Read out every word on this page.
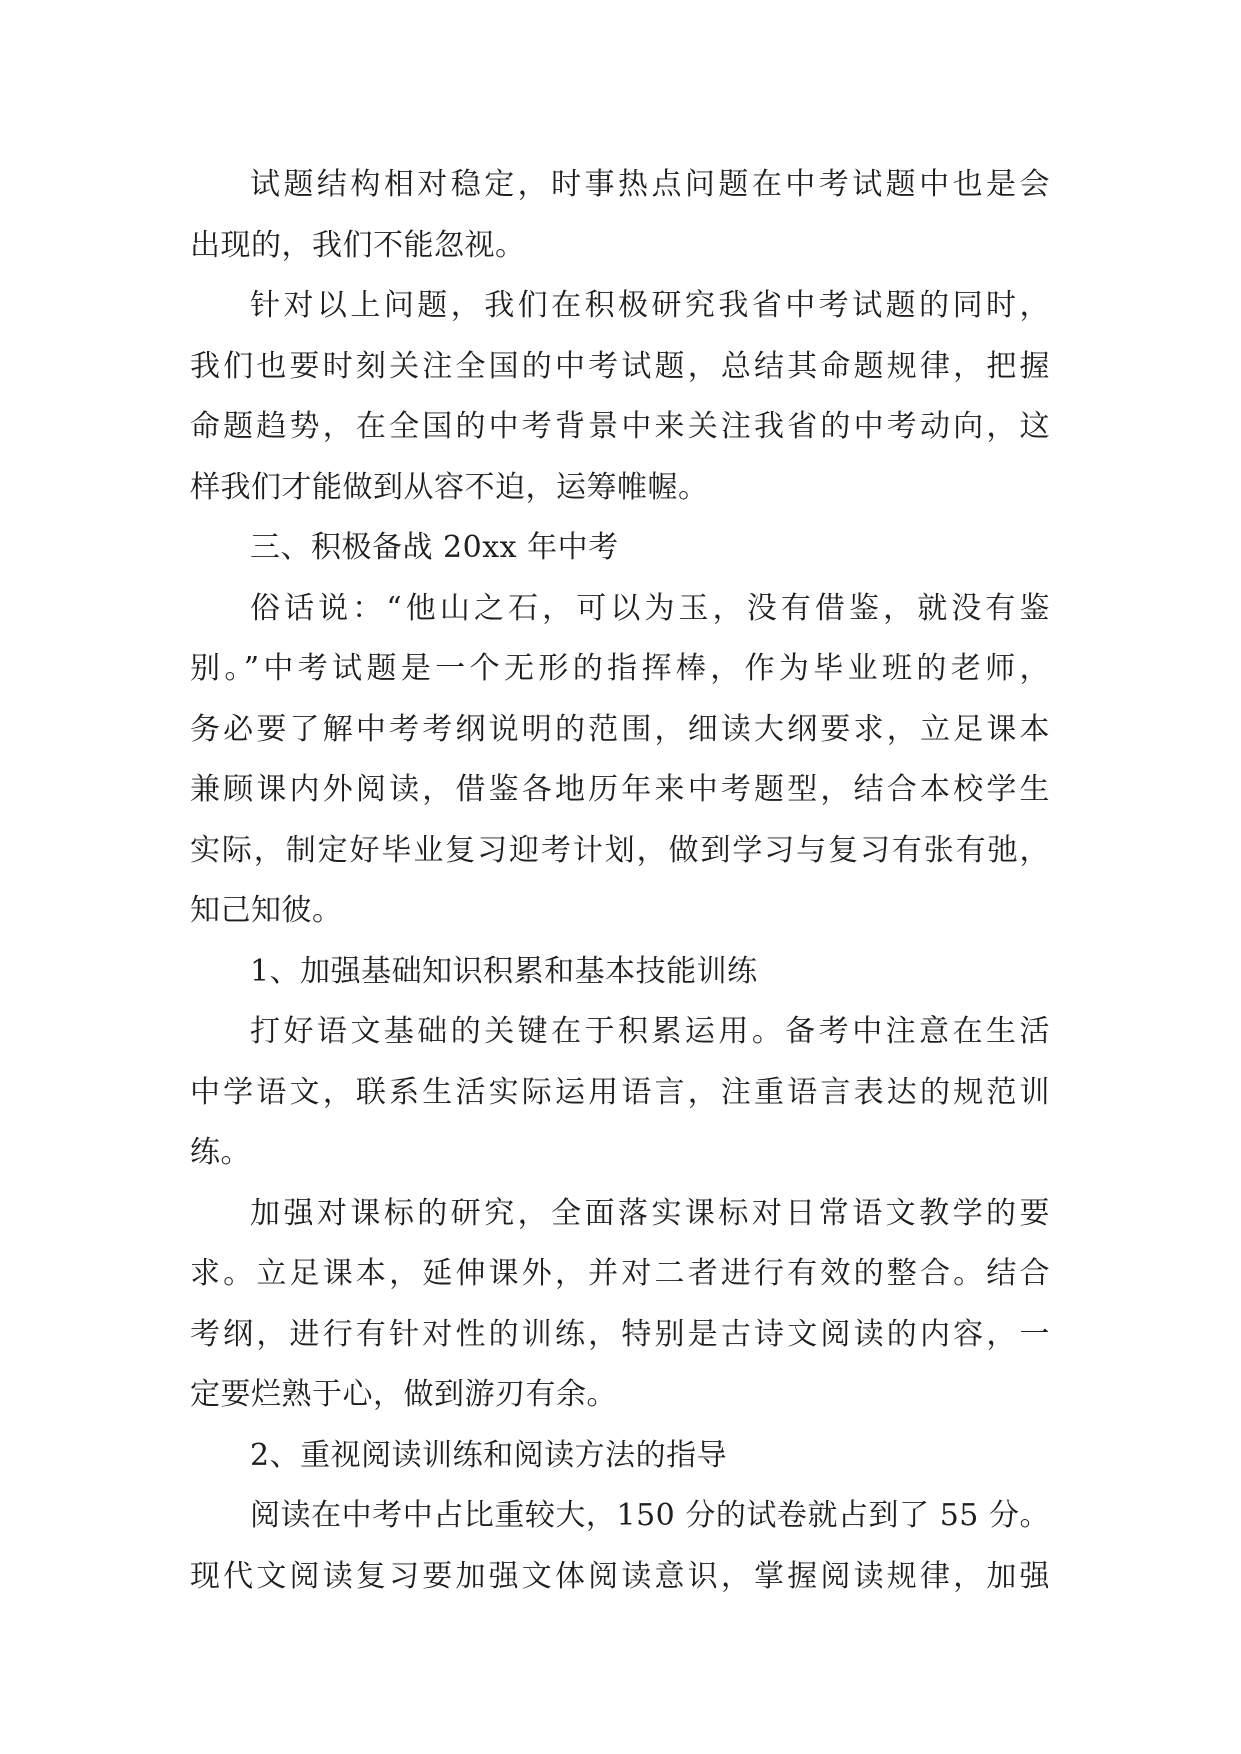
试题结构相对稳定，时事热点问题在中考试题中也是会
出现的，我们不能忽视。
针对以上问题，我们在积极研究我省中考试题的同时，
我们也要时刻关注全国的中考试题，总结其命题规律，把握
命题趋势，在全国的中考背景中来关注我省的中考动向，这
样我们才能做到从容不迫，运筹帷幄。
三、积极备战 20xx 年中考
俗话说：“他山之石，可以为玉，没有借鉴，就没有鉴
别。”中考试题是一个无形的指挥棒，作为毕业班的老师，
务必要了解中考考纲说明的范围，细读大纲要求，立足课本
兼顾课内外阅读，借鉴各地历年来中考题型，结合本校学生
实际，制定好毕业复习迎考计划，做到学习与复习有张有弛，
知己知彼。
1、加强基础知识积累和基本技能训练
打好语文基础的关键在于积累运用。备考中注意在生活
中学语文，联系生活实际运用语言，注重语言表达的规范训
练。
加强对课标的研究，全面落实课标对日常语文教学的要
求。立足课本，延伸课外，并对二者进行有效的整合。结合
考纲，进行有针对性的训练，特别是古诗文阅读的内容，一
定要烂熟于心，做到游刃有余。
2、重视阅读训练和阅读方法的指导
阅读在中考中占比重较大，150 分的试卷就占到了 55 分。
现代文阅读复习要加强文体阅读意识，掌握阅读规律，加强
